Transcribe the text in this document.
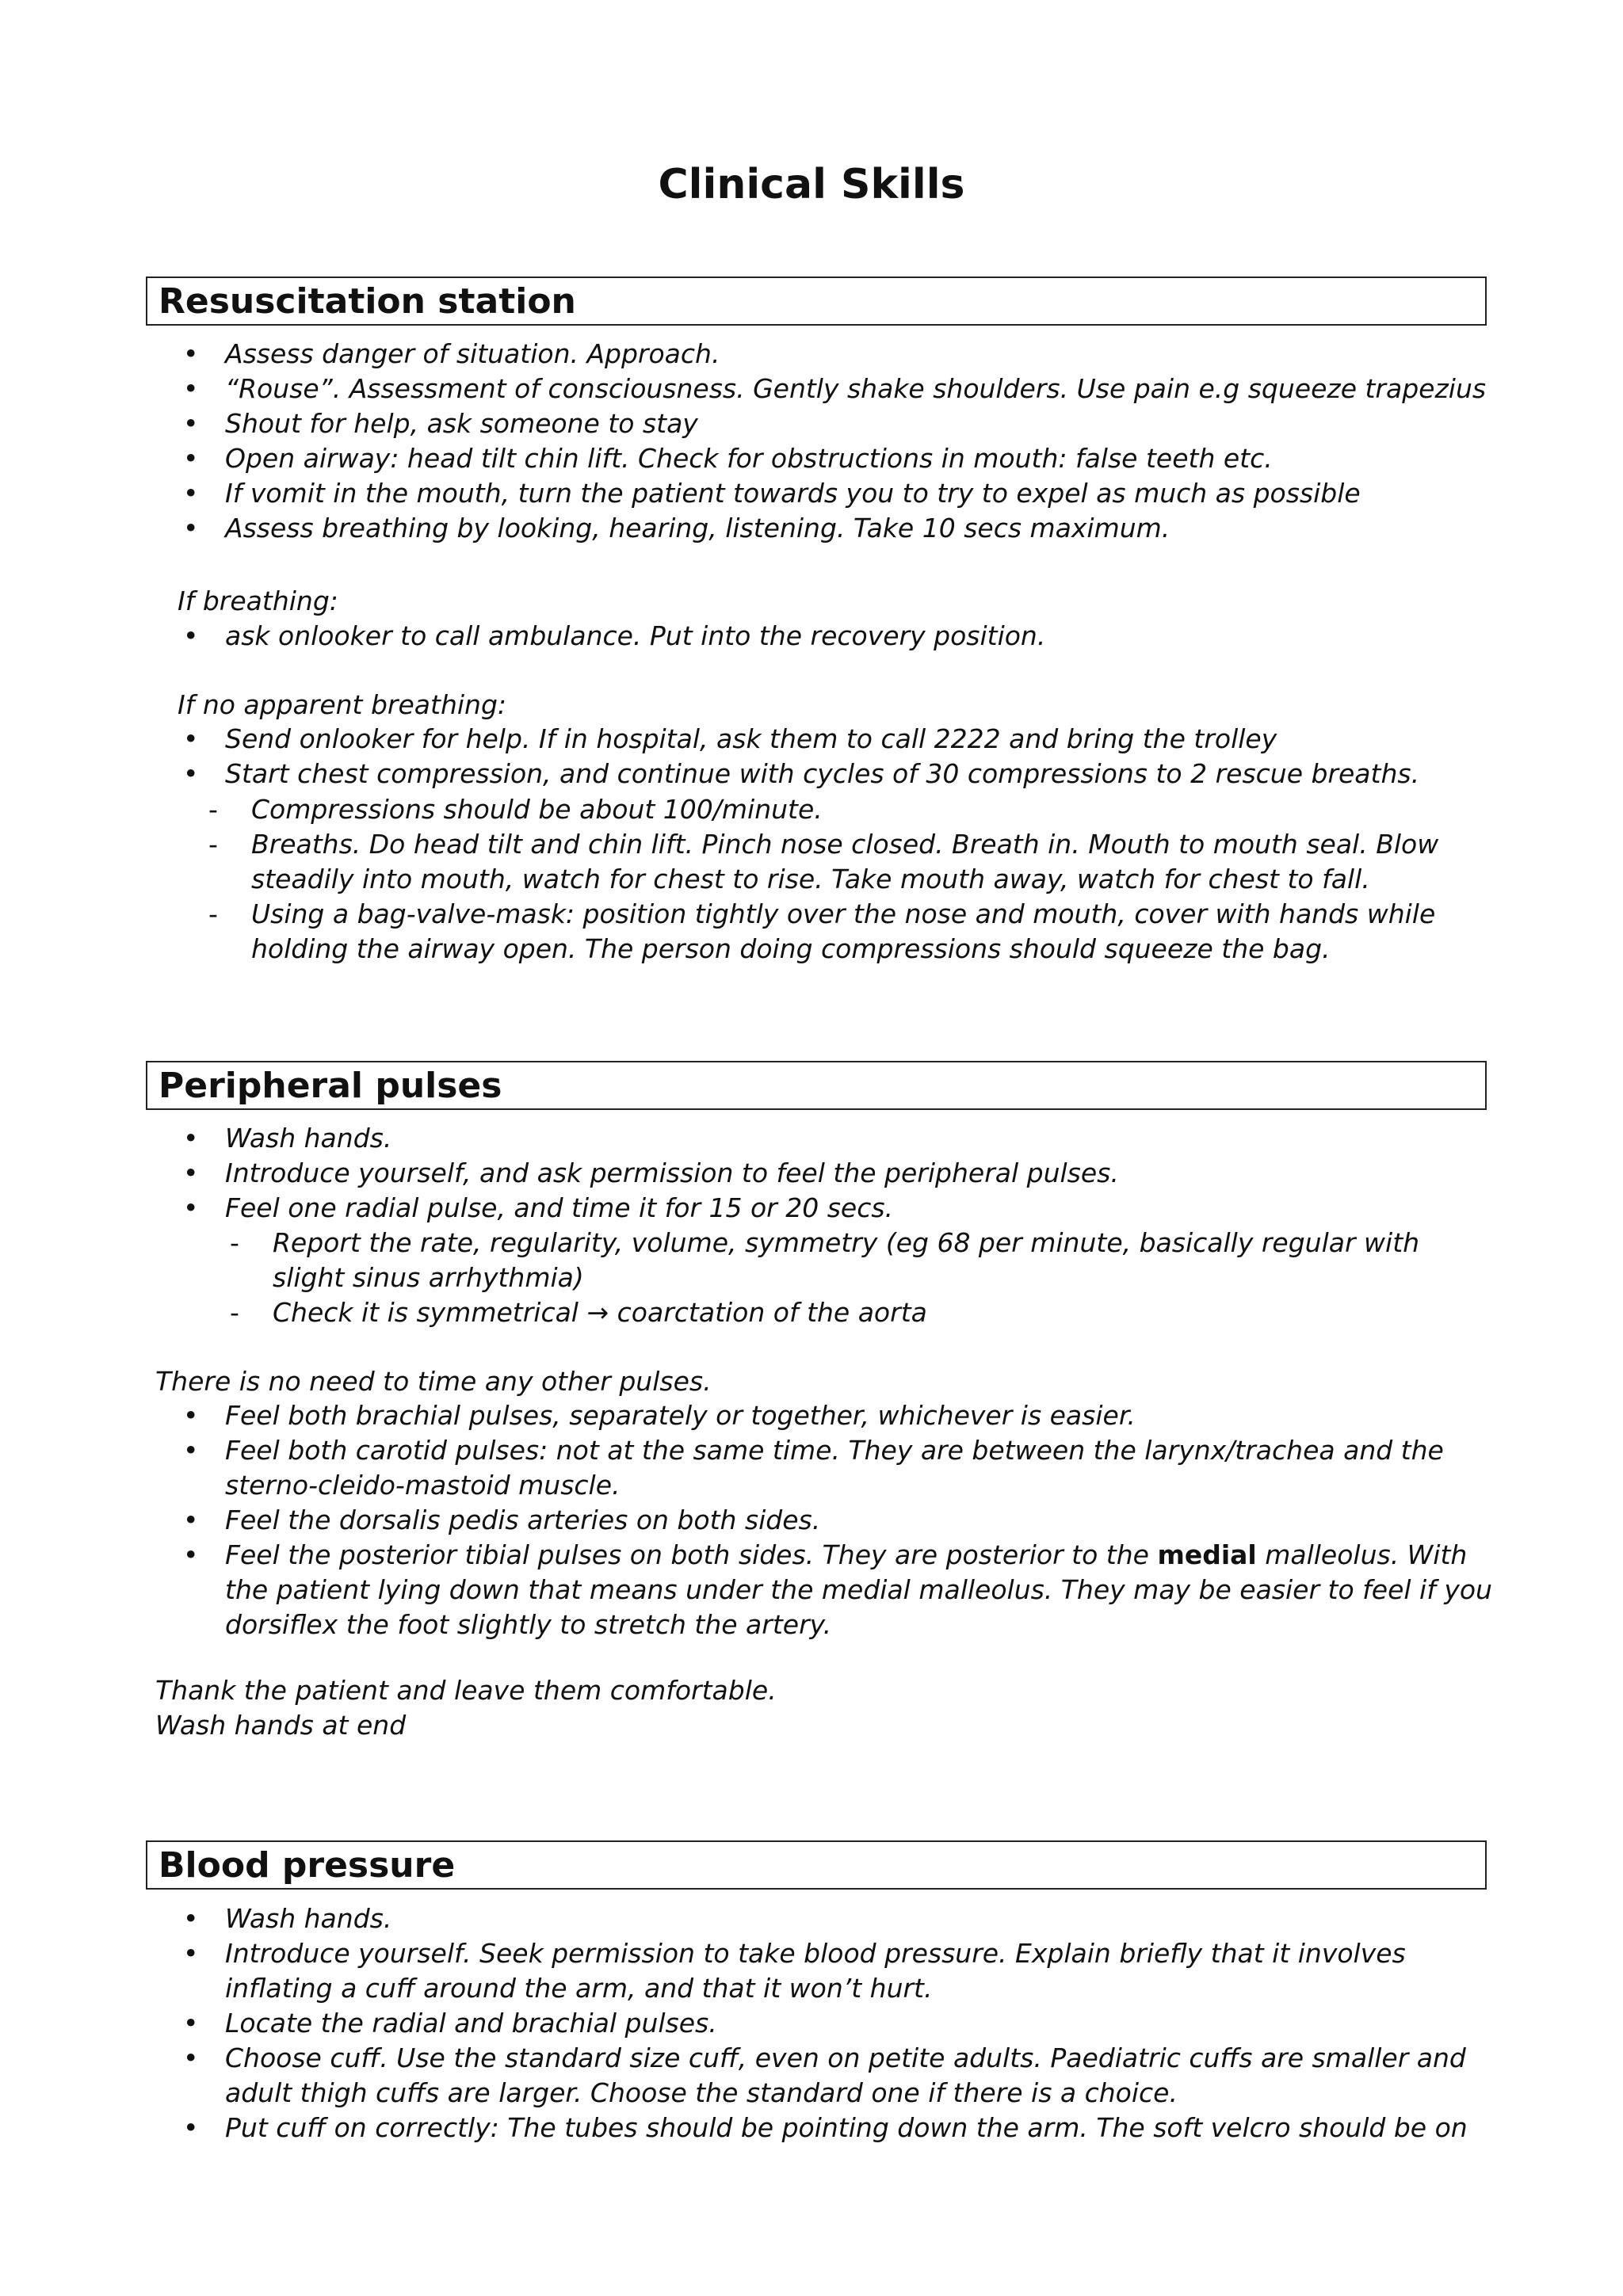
Clinical Skills
Resuscitation station
• Assess danger of situation. Approach.
• “Rouse”. Assessment of consciousness. Gently shake shoulders. Use pain e.g squeeze trapezius
• Shout for help, ask someone to stay
• Open airway: head tilt chin lift. Check for obstructions in mouth: false teeth etc.
• If vomit in the mouth, turn the patient towards you to try to expel as much as possible
• Assess breathing by looking, hearing, listening. Take 10 secs maximum.
If breathing:
• ask onlooker to call ambulance. Put into the recovery position.
If no apparent breathing:
• Send onlooker for help. If in hospital, ask them to call 2222 and bring the trolley
• Start chest compression, and continue with cycles of 30 compressions to 2 rescue breaths.
- Compressions should be about 100/minute.
- Breaths. Do head tilt and chin lift. Pinch nose closed. Breath in. Mouth to mouth seal. Blow steadily into mouth, watch for chest to rise. Take mouth away, watch for chest to fall.
- Using a bag-valve-mask: position tightly over the nose and mouth, cover with hands while holding the airway open. The person doing compressions should squeeze the bag.
Peripheral pulses
• Wash hands.
• Introduce yourself, and ask permission to feel the peripheral pulses.
• Feel one radial pulse, and time it for 15 or 20 secs.
- Report the rate, regularity, volume, symmetry (eg 68 per minute, basically regular with slight sinus arrhythmia)
- Check it is symmetrical → coarctation of the aorta
There is no need to time any other pulses.
• Feel both brachial pulses, separately or together, whichever is easier.
• Feel both carotid pulses: not at the same time. They are between the larynx/trachea and the sterno-cleido-mastoid muscle.
• Feel the dorsalis pedis arteries on both sides.
• Feel the posterior tibial pulses on both sides. They are posterior to the medial malleolus. With the patient lying down that means under the medial malleolus. They may be easier to feel if you dorsiflex the foot slightly to stretch the artery.
Thank the patient and leave them comfortable.
Wash hands at end
Blood pressure
• Wash hands.
• Introduce yourself. Seek permission to take blood pressure. Explain briefly that it involves inflating a cuff around the arm, and that it won’t hurt.
• Locate the radial and brachial pulses.
• Choose cuff. Use the standard size cuff, even on petite adults. Paediatric cuffs are smaller and adult thigh cuffs are larger. Choose the standard one if there is a choice.
• Put cuff on correctly: The tubes should be pointing down the arm. The soft velcro should be on
